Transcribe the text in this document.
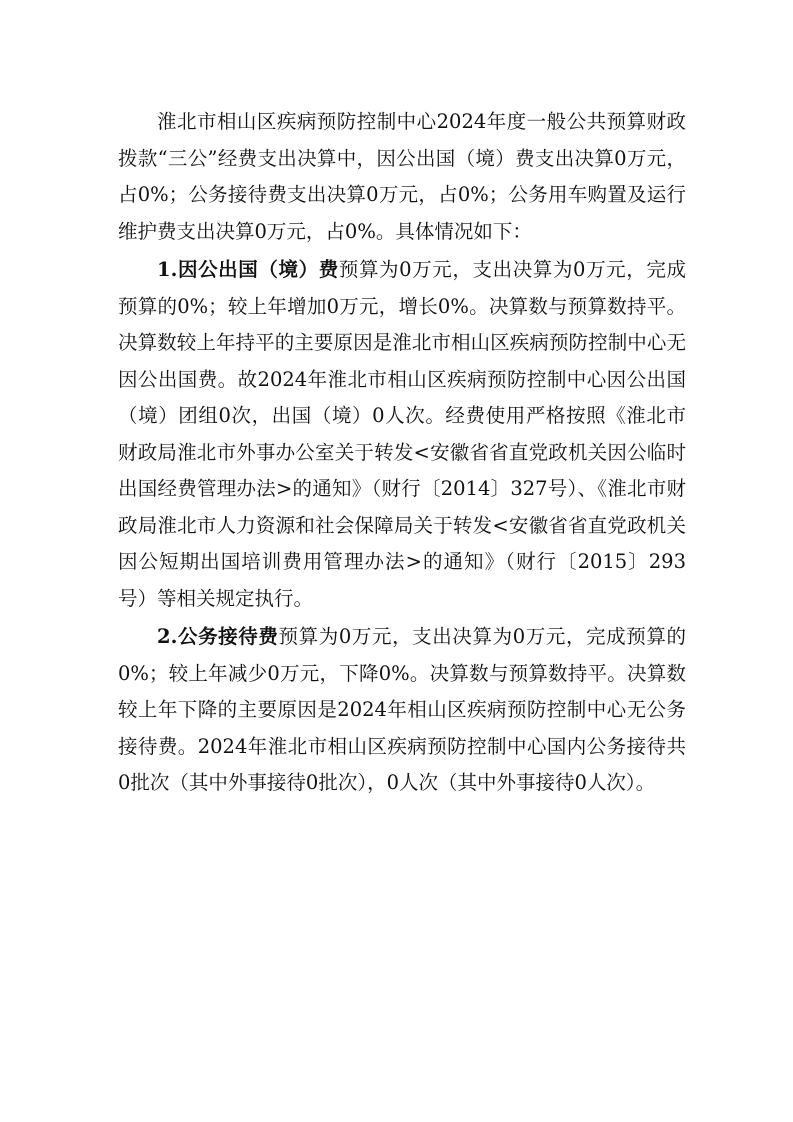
淮北市相山区疾病预防控制中心2024年度一般公共预算财政拨款“三公”经费支出决算中，因公出国（境）费支出决算0万元，占0%；公务接待费支出决算0万元，占0%；公务用车购置及运行维护费支出决算0万元，占0%。具体情况如下：

1.因公出国（境）费预算为0万元，支出决算为0万元，完成预算的0%；较上年增加0万元，增长0%。决算数与预算数持平。决算数较上年持平的主要原因是淮北市相山区疾病预防控制中心无因公出国费。故2024年淮北市相山区疾病预防控制中心因公出国（境）团组0次，出国（境）0人次。经费使用严格按照《淮北市财政局淮北市外事办公室关于转发<安徽省省直党政机关因公临时出国经费管理办法>的通知》（财行〔2014〕327号）、《淮北市财政局淮北市人力资源和社会保障局关于转发<安徽省省直党政机关因公短期出国培训费用管理办法>的通知》（财行〔2015〕293号）等相关规定执行。

2.公务接待费预算为0万元，支出决算为0万元，完成预算的0%；较上年减少0万元，下降0%。决算数与预算数持平。决算数较上年下降的主要原因是2024年相山区疾病预防控制中心无公务接待费。2024年淮北市相山区疾病预防控制中心国内公务接待共0批次（其中外事接待0批次），0人次（其中外事接待0人次）。
